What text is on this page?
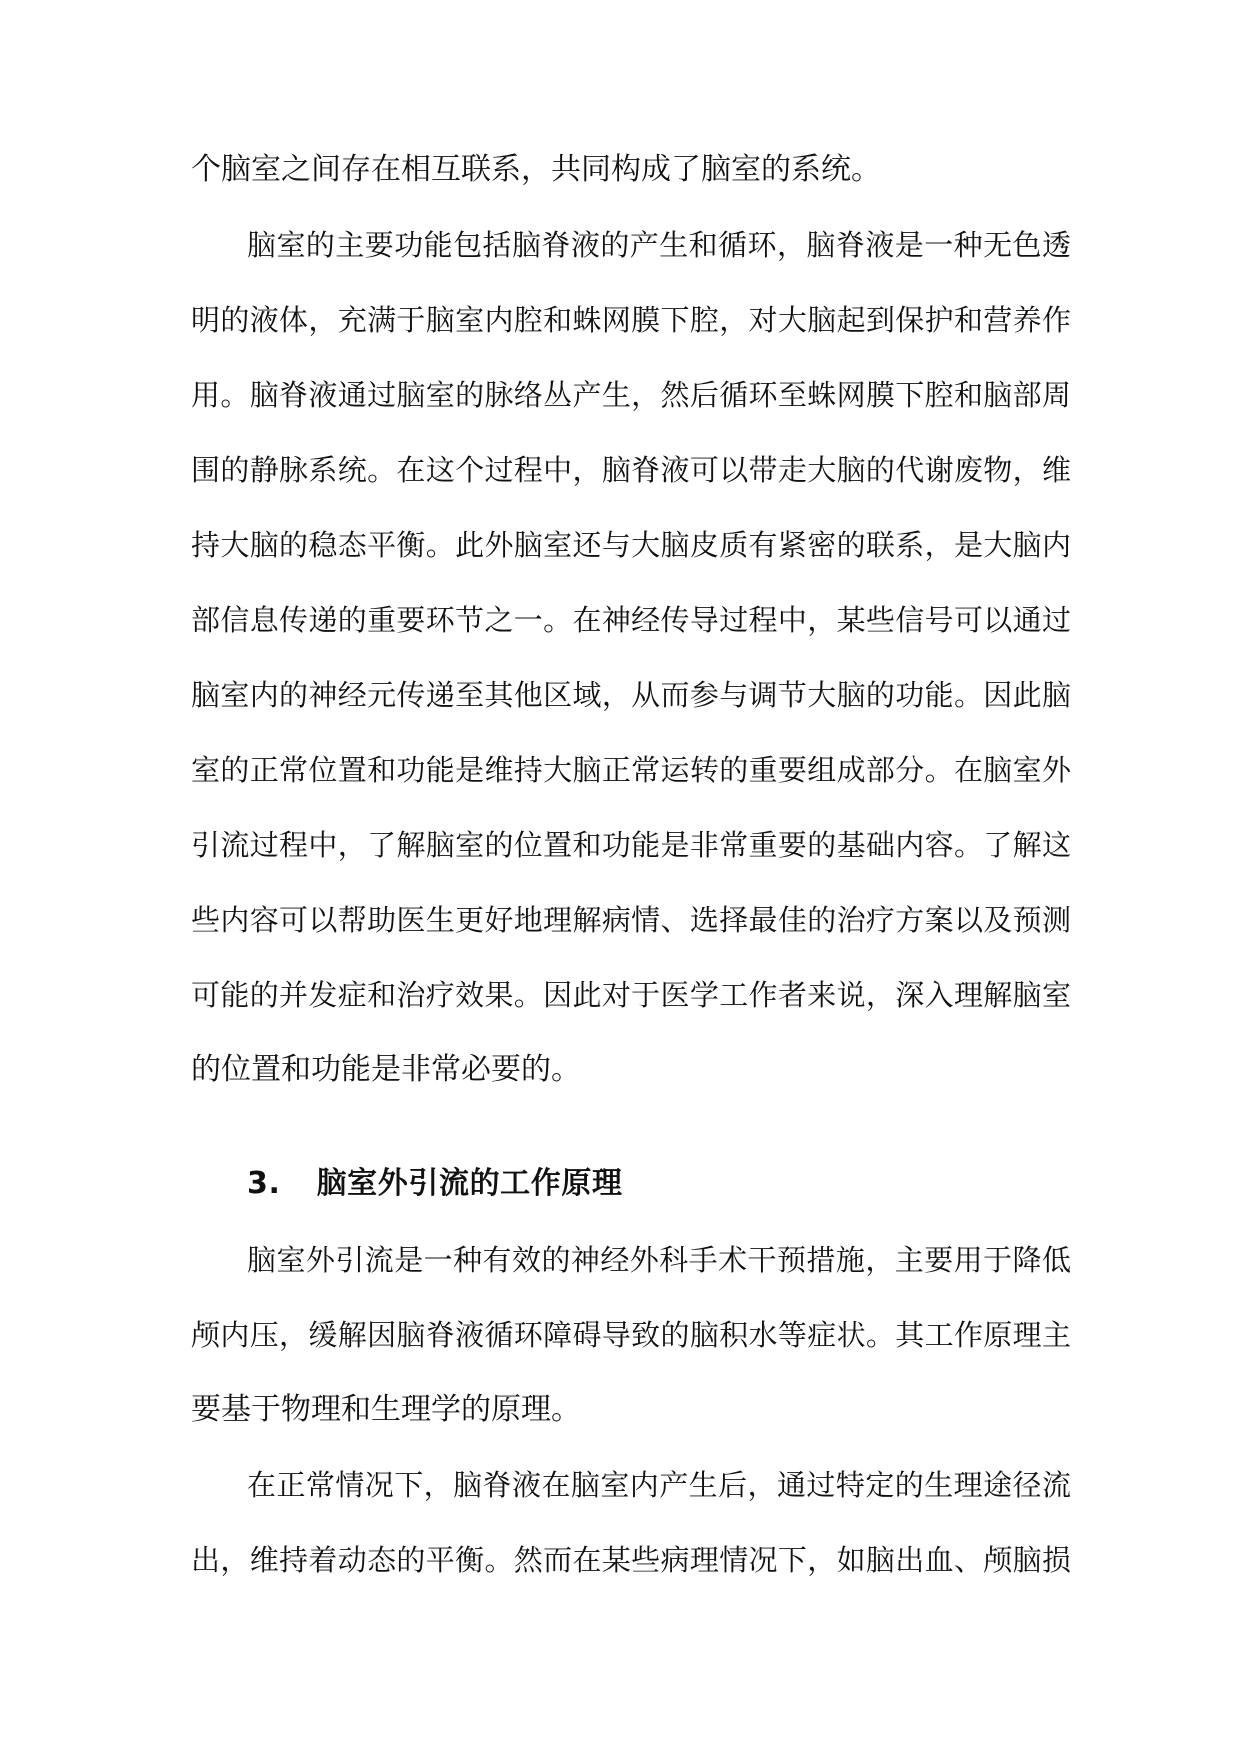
个脑室之间存在相互联系，共同构成了脑室的系统。
脑室的主要功能包括脑脊液的产生和循环，脑脊液是一种无色透
明的液体，充满于脑室内腔和蛛网膜下腔，对大脑起到保护和营养作
用。脑脊液通过脑室的脉络丛产生，然后循环至蛛网膜下腔和脑部周
围的静脉系统。在这个过程中，脑脊液可以带走大脑的代谢废物，维
持大脑的稳态平衡。此外脑室还与大脑皮质有紧密的联系，是大脑内
部信息传递的重要环节之一。在神经传导过程中，某些信号可以通过
脑室内的神经元传递至其他区域，从而参与调节大脑的功能。因此脑
室的正常位置和功能是维持大脑正常运转的重要组成部分。在脑室外
引流过程中，了解脑室的位置和功能是非常重要的基础内容。了解这
些内容可以帮助医生更好地理解病情、选择最佳的治疗方案以及预测
可能的并发症和治疗效果。因此对于医学工作者来说，深入理解脑室
的位置和功能是非常必要的。
3. 脑室外引流的工作原理
脑室外引流是一种有效的神经外科手术干预措施，主要用于降低
颅内压，缓解因脑脊液循环障碍导致的脑积水等症状。其工作原理主
要基于物理和生理学的原理。
在正常情况下，脑脊液在脑室内产生后，通过特定的生理途径流
出，维持着动态的平衡。然而在某些病理情况下，如脑出血、颅脑损
